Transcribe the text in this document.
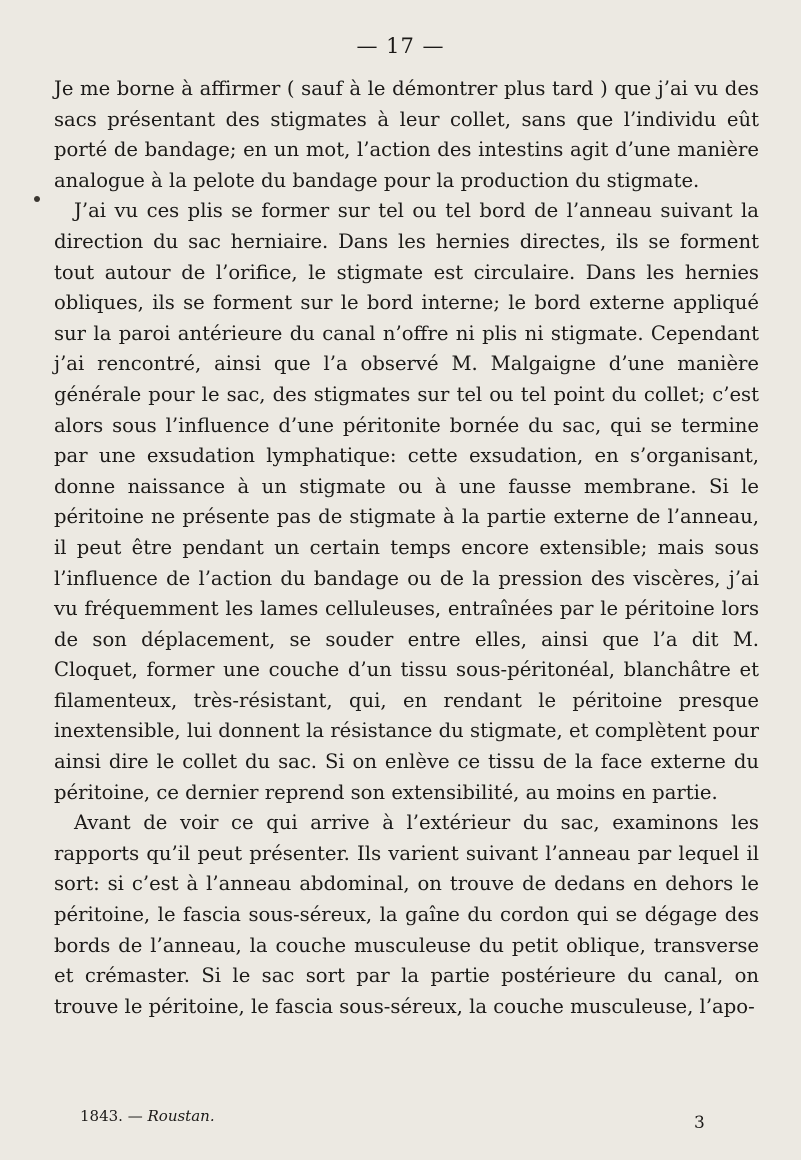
— 17 —

Je me borne à affirmer ( sauf à le démontrer plus tard ) que j’ai vu des sacs présentant des stigmates à leur collet, sans que l’individu eût porté de bandage; en un mot, l’action des intestins agit d’une manière analogue à la pelote du bandage pour la production du stigmate.

J’ai vu ces plis se former sur tel ou tel bord de l’anneau suivant la direction du sac herniaire. Dans les hernies directes, ils se forment tout autour de l’orifice, le stigmate est circulaire. Dans les hernies obliques, ils se forment sur le bord interne; le bord externe appliqué sur la paroi antérieure du canal n’offre ni plis ni stigmate. Cependant j’ai rencontré, ainsi que l’a observé M. Malgaigne d’une manière générale pour le sac, des stigmates sur tel ou tel point du collet; c’est alors sous l’influence d’une péritonite bornée du sac, qui se termine par une exsudation lymphatique: cette exsudation, en s’organisant, donne naissance à un stigmate ou à une fausse membrane. Si le péritoine ne présente pas de stigmate à la partie externe de l’anneau, il peut être pendant un certain temps encore extensible; mais sous l’influence de l’action du bandage ou de la pression des viscères, j’ai vu fréquemment les lames celluleuses, entraînées par le péritoine lors de son déplacement, se souder entre elles, ainsi que l’a dit M. Cloquet, former une couche d’un tissu sous-péritonéal, blanchâtre et filamenteux, très-résistant, qui, en rendant le péritoine presque inextensible, lui donnent la résistance du stigmate, et complètent pour ainsi dire le collet du sac. Si on enlève ce tissu de la face externe du péritoine, ce dernier reprend son extensibilité, au moins en partie.

Avant de voir ce qui arrive à l’extérieur du sac, examinons les rapports qu’il peut présenter. Ils varient suivant l’anneau par lequel il sort: si c’est à l’anneau abdominal, on trouve de dedans en dehors le péritoine, le fascia sous-séreux, la gaîne du cordon qui se dégage des bords de l’anneau, la couche musculeuse du petit oblique, transverse et crémaster. Si le sac sort par la partie postérieure du canal, on trouve le péritoine, le fascia sous-séreux, la couche musculeuse, l’apo-

1843. — Roustan.	3
